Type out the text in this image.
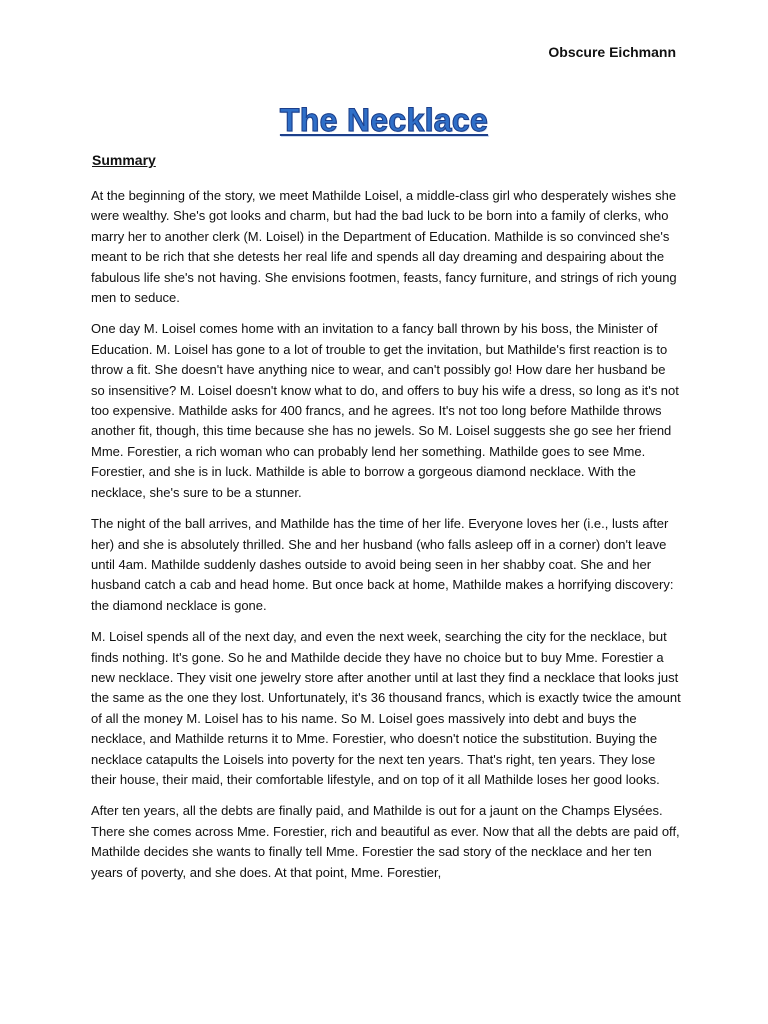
Obscure Eichmann
The Necklace
Summary

At the beginning of the story, we meet Mathilde Loisel, a middle-class girl who desperately wishes she were wealthy. She's got looks and charm, but had the bad luck to be born into a family of clerks, who marry her to another clerk (M. Loisel) in the Department of Education. Mathilde is so convinced she's meant to be rich that she detests her real life and spends all day dreaming and despairing about the fabulous life she's not having. She envisions footmen, feasts, fancy furniture, and strings of rich young men to seduce.

One day M. Loisel comes home with an invitation to a fancy ball thrown by his boss, the Minister of Education. M. Loisel has gone to a lot of trouble to get the invitation, but Mathilde's first reaction is to throw a fit. She doesn't have anything nice to wear, and can't possibly go! How dare her husband be so insensitive? M. Loisel doesn't know what to do, and offers to buy his wife a dress, so long as it's not too expensive. Mathilde asks for 400 francs, and he agrees. It's not too long before Mathilde throws another fit, though, this time because she has no jewels. So M. Loisel suggests she go see her friend Mme. Forestier, a rich woman who can probably lend her something. Mathilde goes to see Mme. Forestier, and she is in luck. Mathilde is able to borrow a gorgeous diamond necklace. With the necklace, she's sure to be a stunner.

The night of the ball arrives, and Mathilde has the time of her life. Everyone loves her (i.e., lusts after her) and she is absolutely thrilled. She and her husband (who falls asleep off in a corner) don't leave until 4am. Mathilde suddenly dashes outside to avoid being seen in her shabby coat. She and her husband catch a cab and head home. But once back at home, Mathilde makes a horrifying discovery: the diamond necklace is gone.

M. Loisel spends all of the next day, and even the next week, searching the city for the necklace, but finds nothing. It's gone. So he and Mathilde decide they have no choice but to buy Mme. Forestier a new necklace. They visit one jewelry store after another until at last they find a necklace that looks just the same as the one they lost. Unfortunately, it's 36 thousand francs, which is exactly twice the amount of all the money M. Loisel has to his name. So M. Loisel goes massively into debt and buys the necklace, and Mathilde returns it to Mme. Forestier, who doesn't notice the substitution. Buying the necklace catapults the Loisels into poverty for the next ten years. That's right, ten years. They lose their house, their maid, their comfortable lifestyle, and on top of it all Mathilde loses her good looks.

After ten years, all the debts are finally paid, and Mathilde is out for a jaunt on the Champs Elysées. There she comes across Mme. Forestier, rich and beautiful as ever. Now that all the debts are paid off, Mathilde decides she wants to finally tell Mme. Forestier the sad story of the necklace and her ten years of poverty, and she does. At that point, Mme. Forestier,
